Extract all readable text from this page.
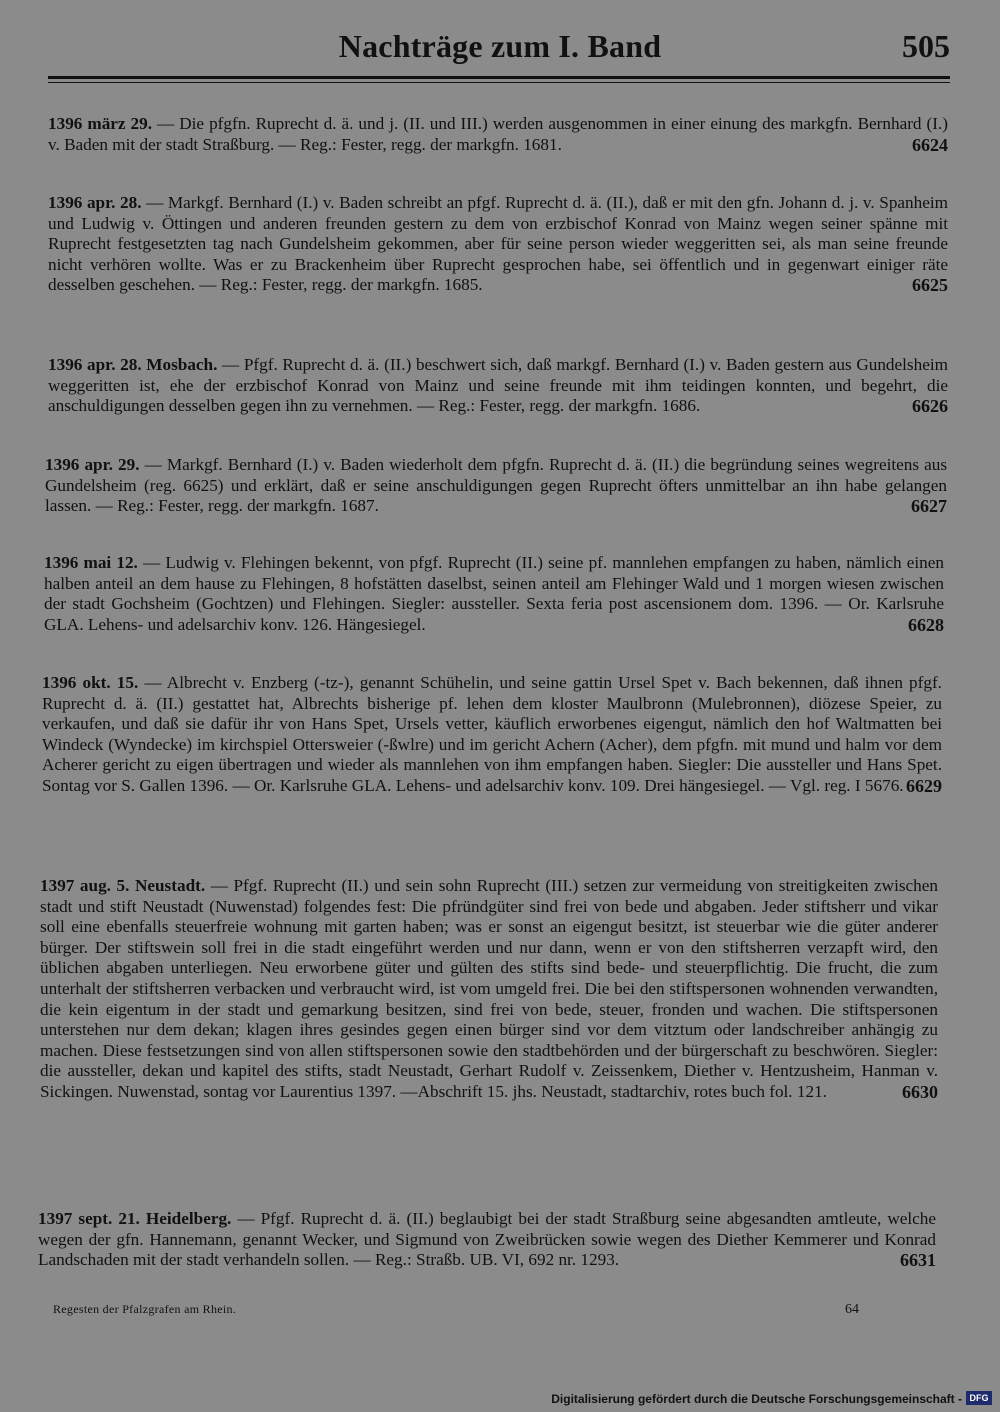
Nachträge zum I. Band	505
1396 märz 29. — Die pfgfn. Ruprecht d. ä. und j. (II. und III.) werden ausgenommen in einer einung des markgfn. Bernhard (I.) v. Baden mit der stadt Straßburg. — Reg.: Fester, regg. der markgfn. 1681.	6624
1396 apr. 28. — Markgf. Bernhard (I.) v. Baden schreibt an pfgf. Ruprecht d. ä. (II.), daß er mit den gfn. Johann d. j. v. Spanheim und Ludwig v. Öttingen und anderen freunden gestern zu dem von erzbischof Konrad von Mainz wegen seiner spänne mit Ruprecht festgesetzten tag nach Gundelsheim gekommen, aber für seine person wieder weggeritten sei, als man seine freunde nicht verhören wollte. Was er zu Brackenheim über Ruprecht gesprochen habe, sei öffentlich und in gegenwart einiger räte desselben geschehen. — Reg.: Fester, regg. der markgfn. 1685.	6625
1396 apr. 28. Mosbach. — Pfgf. Ruprecht d. ä. (II.) beschwert sich, daß markgf. Bernhard (I.) v. Baden gestern aus Gundelsheim weggeritten ist, ehe der erzbischof Konrad von Mainz und seine freunde mit ihm teidingen konnten, und begehrt, die anschuldigungen desselben gegen ihn zu vernehmen. — Reg.: Fester, regg. der markgfn. 1686.	6626
1396 apr. 29. — Markgf. Bernhard (I.) v. Baden wiederholt dem pfgfn. Ruprecht d. ä. (II.) die begründung seines wegreitens aus Gundelsheim (reg. 6625) und erklärt, daß er seine anschuldigungen gegen Ruprecht öfters unmittelbar an ihn habe gelangen lassen. — Reg.: Fester, regg. der markgfn. 1687.	6627
1396 mai 12. — Ludwig v. Flehingen bekennt, von pfgf. Ruprecht (II.) seine pf. mannlehen empfangen zu haben, nämlich einen halben anteil an dem hause zu Flehingen, 8 hofstätten daselbst, seinen anteil am Flehinger Wald und 1 morgen wiesen zwischen der stadt Gochsheim (Gochtzen) und Flehingen. Siegler: aussteller. Sexta feria post ascensionem dom. 1396. — Or. Karlsruhe GLA. Lehens- und adelsarchiv konv. 126. Hängesiegel.	6628
1396 okt. 15. — Albrecht v. Enzberg (-tz-), genannt Schühelin, und seine gattin Ursel Spet v. Bach bekennen, daß ihnen pfgf. Ruprecht d. ä. (II.) gestattet hat, Albrechts bisherige pf. lehen dem kloster Maulbronn (Mulebronnen), diözese Speier, zu verkaufen, und daß sie dafür ihr von Hans Spet, Ursels vetter, käuflich erworbenes eigengut, nämlich den hof Waltmatten bei Windeck (Wyndecke) im kirchspiel Ottersweier (-ßwlre) und im gericht Achern (Acher), dem pfgfn. mit mund und halm vor dem Acherer gericht zu eigen übertragen und wieder als mannlehen von ihm empfangen haben. Siegler: Die aussteller und Hans Spet. Sontag vor S. Gallen 1396. — Or. Karlsruhe GLA. Lehens- und adelsarchiv konv. 109. Drei hängesiegel. — Vgl. reg. I 5676. 6629
1397 aug. 5. Neustadt. — Pfgf. Ruprecht (II.) und sein sohn Ruprecht (III.) setzen zur vermeidung von streitigkeiten zwischen stadt und stift Neustadt (Nuwenstad) folgendes fest: Die pfründgüter sind frei von bede und abgaben. Jeder stiftsherr und vikar soll eine ebenfalls steuerfreie wohnung mit garten haben; was er sonst an eigengut besitzt, ist steuerbar wie die güter anderer bürger. Der stiftswein soll frei in die stadt eingeführt werden und nur dann, wenn er von den stiftsherren verzapft wird, den üblichen abgaben unterliegen. Neu erworbene güter und gülten des stifts sind bede- und steuerpflichtig. Die frucht, die zum unterhalt der stiftsherren verbacken und verbraucht wird, ist vom umgeld frei. Die bei den stiftspersonen wohnenden verwandten, die kein eigentum in der stadt und gemarkung besitzen, sind frei von bede, steuer, fronden und wachen. Die stiftspersonen unterstehen nur dem dekan; klagen ihres gesindes gegen einen bürger sind vor dem vitztum oder landschreiber anhängig zu machen. Diese festsetzungen sind von allen stiftspersonen sowie den stadtbehörden und der bürgerschaft zu beschwören. Siegler: die aussteller, dekan und kapitel des stifts, stadt Neustadt, Gerhart Rudolf v. Zeissenkem, Diether v. Hentzusheim, Hanman v. Sickingen. Nuwenstad, sontag vor Laurentius 1397. —Abschrift 15. jhs. Neustadt, stadtarchiv, rotes buch fol. 121.	6630
1397 sept. 21. Heidelberg. — Pfgf. Ruprecht d. ä. (II.) beglaubigt bei der stadt Straßburg seine abgesandten amtleute, welche wegen der gfn. Hannemann, genannt Wecker, und Sigmund von Zweibrücken sowie wegen des Diether Kemmerer und Konrad Landschaden mit der stadt verhandeln sollen. — Reg.: Straßb. UB. VI, 692 nr. 1293.	6631
Regesten der Pfalzgrafen am Rhein.	64
Digitalisierung gefördert durch die Deutsche Forschungsgemeinschaft - DFG
